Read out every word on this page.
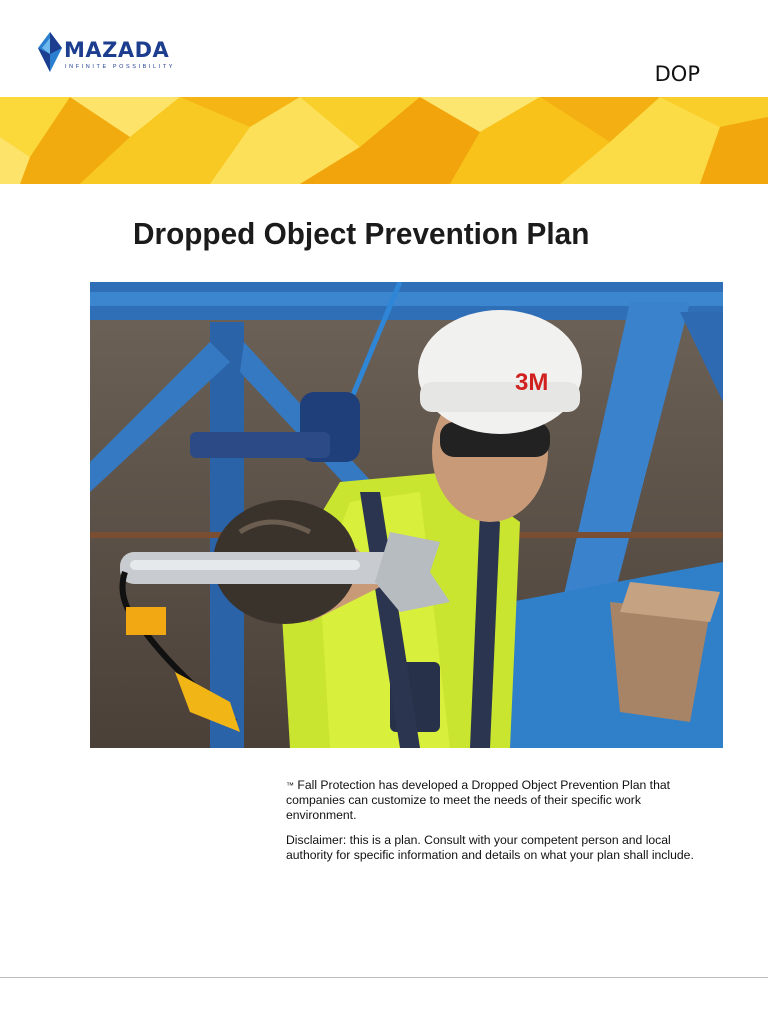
MAZADA
INFINITE POSSIBILITY	DOP
Dropped Object Prevention Plan
3M

™ Fall Protection has developed a Dropped Object Prevention Plan that companies can customize to meet the needs of their specific work environment.

Disclaimer: this is a plan. Consult with your competent person and local authority for specific information and details on what your plan shall include.
